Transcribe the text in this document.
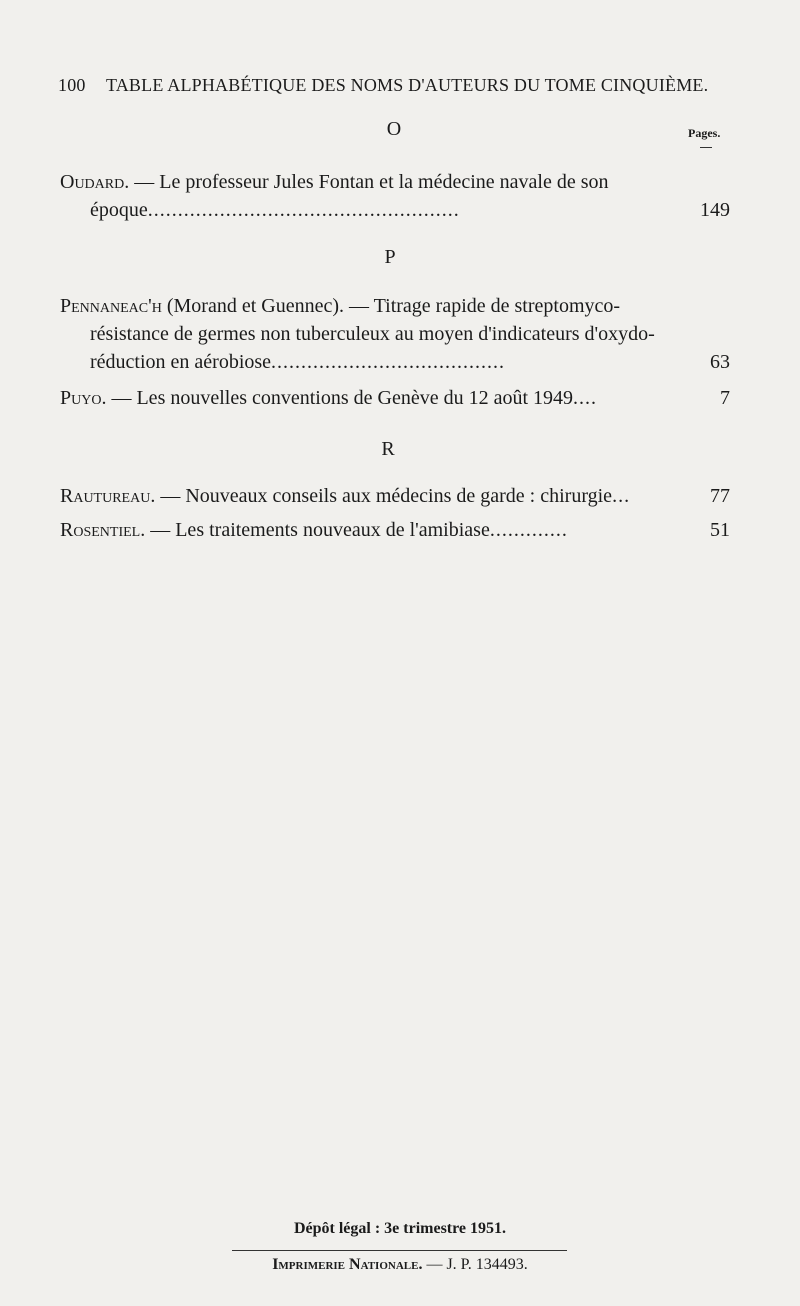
100 TABLE ALPHABÉTIQUE DES NOMS D'AUTEURS DU TOME CINQUIÈME.
O	Pages.
Oudard. — Le professeur Jules Fontan et la médecine navale de son
époque....................................................	149
P
Pennaneac'h (Morand et Guennec). — Titrage rapide de streptomyco-
résistance de germes non tuberculeux au moyen d'indicateurs d'oxydo-
réduction en aérobiose.......................................	63
Puyo. — Les nouvelles conventions de Genève du 12 août 1949....	7
R
Rautureau. — Nouveaux conseils aux médecins de garde : chirurgie...	77
Rosentiel. — Les traitements nouveaux de l'amibiase.............	51
Dépôt légal : 3e trimestre 1951.
Imprimerie Nationale. — J. P. 134493.
